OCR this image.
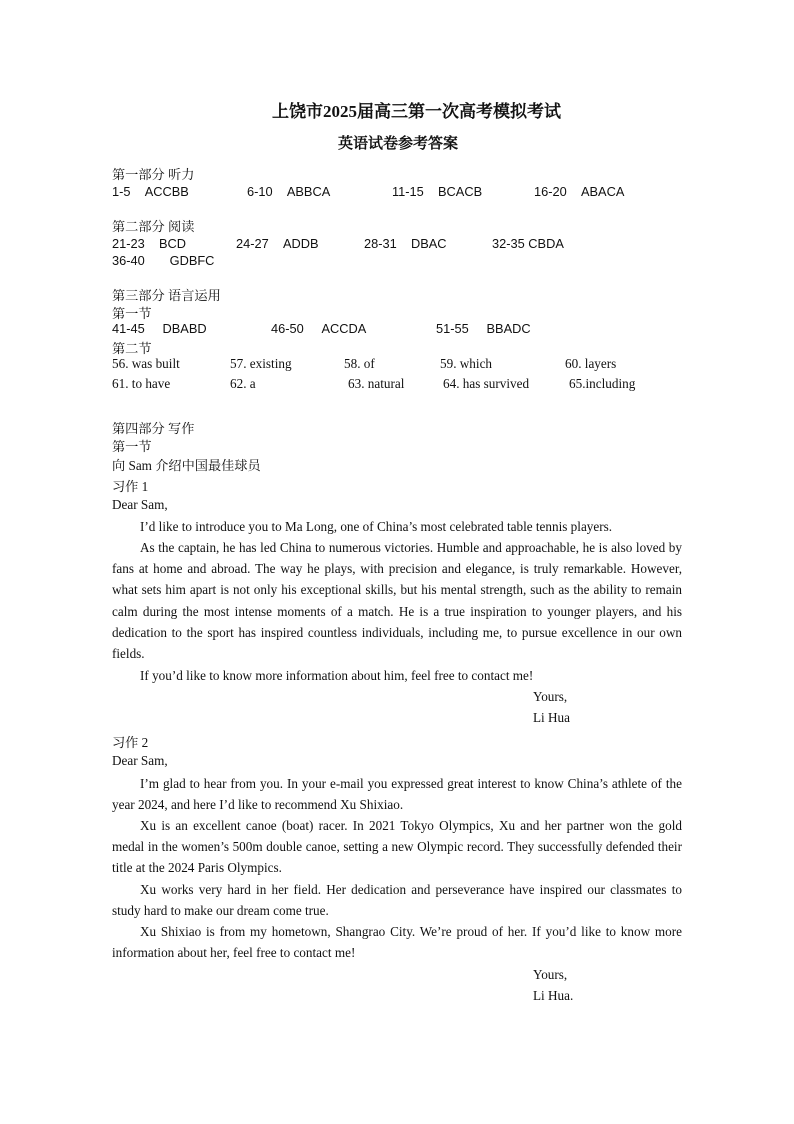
上饶市2025届高三第一次高考模拟考试
英语试卷参考答案
第一部分 听力
1-5 ACCBB	6-10 ABBCA	11-15 BCACB	16-20 ABACA
第二部分 阅读
21-23 BCD	24-27 ADDB	28-31 DBAC	32-35 CBDA
36-40 GDBFC
第三部分 语言运用
第一节
41-45 DBABD	46-50 ACCDA	51-55 BBADC
第二节
56. was built	57. existing	58. of	59. which	60. layers
61. to have	62. a	63. natural	64. has survived	65.including
第四部分 写作
第一节
向 Sam 介绍中国最佳球员
习作 1
Dear Sam,
I’d like to introduce you to Ma Long, one of China’s most celebrated table tennis players.
As the captain, he has led China to numerous victories. Humble and approachable, he is also loved by fans at home and abroad. The way he plays, with precision and elegance, is truly remarkable. However, what sets him apart is not only his exceptional skills, but his mental strength, such as the ability to remain calm during the most intense moments of a match. He is a true inspiration to younger players, and his dedication to the sport has inspired countless individuals, including me, to pursue excellence in our own fields.
If you’d like to know more information about him, feel free to contact me!
Yours,
Li Hua
习作 2
Dear Sam,
I’m glad to hear from you. In your e-mail you expressed great interest to know China’s athlete of the year 2024, and here I’d like to recommend Xu Shixiao.
Xu is an excellent canoe (boat) racer. In 2021 Tokyo Olympics, Xu and her partner won the gold medal in the women’s 500m double canoe, setting a new Olympic record. They successfully defended their title at the 2024 Paris Olympics.
Xu works very hard in her field. Her dedication and perseverance have inspired our classmates to study hard to make our dream come true.
Xu Shixiao is from my hometown, Shangrao City. We’re proud of her. If you’d like to know more information about her, feel free to contact me!
Yours,
Li Hua.
